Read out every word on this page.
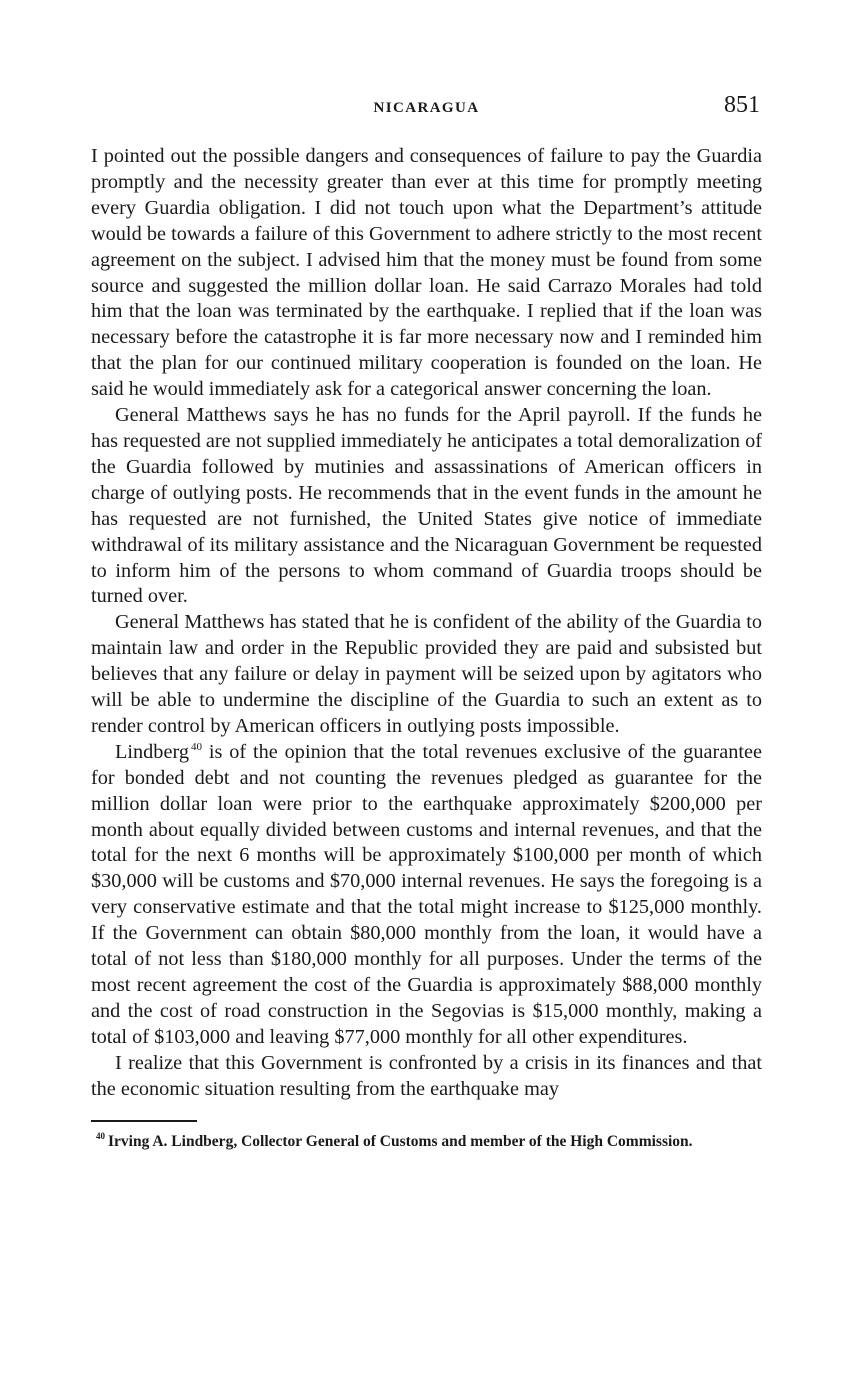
NICARAGUA	851

I pointed out the possible dangers and consequences of failure to pay the Guardia promptly and the necessity greater than ever at this time for promptly meeting every Guardia obligation. I did not touch upon what the Department’s attitude would be towards a failure of this Government to adhere strictly to the most recent agreement on the subject. I advised him that the money must be found from some source and suggested the million dollar loan. He said Carrazo Morales had told him that the loan was terminated by the earthquake. I replied that if the loan was necessary before the catastrophe it is far more necessary now and I reminded him that the plan for our continued military cooperation is founded on the loan. He said he would immediately ask for a categorical answer concerning the loan.

General Matthews says he has no funds for the April payroll. If the funds he has requested are not supplied immediately he anticipates a total demoralization of the Guardia followed by mutinies and assassinations of American officers in charge of outlying posts. He recommends that in the event funds in the amount he has requested are not furnished, the United States give notice of immediate withdrawal of its military assistance and the Nicaraguan Government be requested to inform him of the persons to whom command of Guardia troops should be turned over.

General Matthews has stated that he is confident of the ability of the Guardia to maintain law and order in the Republic provided they are paid and subsisted but believes that any failure or delay in payment will be seized upon by agitators who will be able to undermine the discipline of the Guardia to such an extent as to render control by American officers in outlying posts impossible.

Lindberg $^{40}$ is of the opinion that the total revenues exclusive of the guarantee for bonded debt and not counting the revenues pledged as guarantee for the million dollar loan were prior to the earthquake approximately $200,000 per month about equally divided between customs and internal revenues, and that the total for the next 6 months will be approximately $100,000 per month of which $30,000 will be customs and $70,000 internal revenues. He says the foregoing is a very conservative estimate and that the total might increase to $125,000 monthly. If the Government can obtain $80,000 monthly from the loan, it would have a total of not less than $180,000 monthly for all purposes. Under the terms of the most recent agreement the cost of the Guardia is approximately $88,000 monthly and the cost of road construction in the Segovias is $15,000 monthly, making a total of $103,000 and leaving $77,000 monthly for all other expenditures.

I realize that this Government is confronted by a crisis in its finances and that the economic situation resulting from the earthquake may

$^{40}$ Irving A. Lindberg, Collector General of Customs and member of the High Commission.
